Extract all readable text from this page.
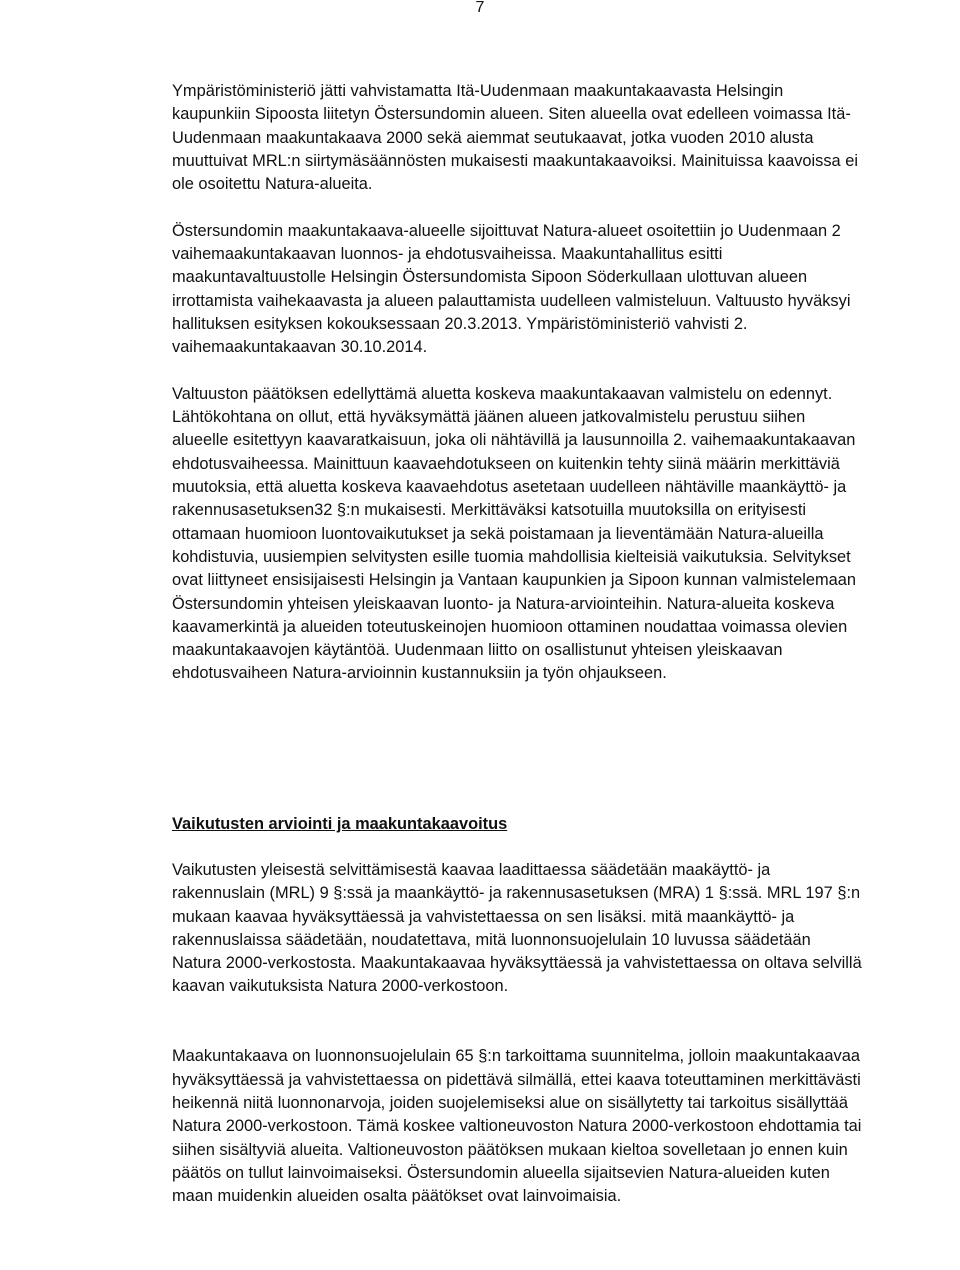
7

Ympäristöministeriö jätti vahvistamatta Itä-Uudenmaan maakuntakaavasta Helsingin kaupunkiin Sipoosta liitetyn Östersundomin alueen. Siten alueella ovat edelleen voimassa Itä-Uudenmaan maakuntakaava 2000 sekä aiemmat seutukaavat, jotka vuoden 2010 alusta muuttuivat MRL:n siirtymäsäännösten mukaisesti maakuntakaavoiksi. Mainituissa kaavoissa ei ole osoitettu Natura-alueita.

Östersundomin maakuntakaava-alueelle sijoittuvat Natura-alueet osoitettiin jo Uudenmaan 2 vaihemaakuntakaavan luonnos- ja ehdotusvaiheissa. Maakuntahallitus esitti maakuntavaltuustolle Helsingin Östersundomista Sipoon Söderkullaan ulottuvan alueen irrottamista vaihekaavasta ja alueen palauttamista uudelleen valmisteluun. Valtuusto hyväksyi hallituksen esityksen kokouksessaan 20.3.2013. Ympäristöministeriö vahvisti 2. vaihemaakuntakaavan 30.10.2014.

Valtuuston päätöksen edellyttämä aluetta koskeva maakuntakaavan valmistelu on edennyt. Lähtökohtana on ollut, että hyväksymättä jäänen alueen jatkovalmistelu perustuu siihen alueelle esitettyyn kaavaratkaisuun, joka oli nähtävillä ja lausunnoilla 2. vaihemaakuntakaavan ehdotusvaiheessa. Mainittuun kaavaehdotukseen on kuitenkin tehty siinä määrin merkittäviä muutoksia, että aluetta koskeva kaavaehdotus asetetaan uudelleen nähtäville maankäyttö- ja rakennusasetuksen32 §:n mukaisesti. Merkittäväksi katsotuilla muutoksilla on erityisesti ottamaan huomioon luontovaikutukset ja sekä poistamaan ja lieventämään Natura-alueilla kohdistuvia, uusiempien selvitysten esille tuomia mahdollisia kielteisiä vaikutuksia. Selvitykset ovat liittyneet ensisijaisesti Helsingin ja Vantaan kaupunkien ja Sipoon kunnan valmistelemaan Östersundomin yhteisen yleiskaavan luonto- ja Natura-arviointeihin. Natura-alueita koskeva kaavamerkintä ja alueiden toteutuskeinojen huomioon ottaminen noudattaa voimassa olevien maakuntakaavojen käytäntöä. Uudenmaan liitto on osallistunut yhteisen yleiskaavan ehdotusvaiheen Natura-arvioinnin kustannuksiin ja työn ohjaukseen.

Vaikutusten arviointi ja maakuntakaavoitus

Vaikutusten yleisestä selvittämisestä kaavaa laadittaessa säädetään maakäyttö- ja rakennuslain (MRL) 9 §:ssä ja maankäyttö- ja rakennusasetuksen (MRA) 1 §:ssä. MRL 197 §:n mukaan kaavaa hyväksyttäessä ja vahvistettaessa on sen lisäksi. mitä maankäyttö- ja rakennuslaissa säädetään, noudatettava, mitä luonnonsuojelulain 10 luvussa säädetään Natura 2000-verkostosta. Maakuntakaavaa hyväksyttäessä ja vahvistettaessa on oltava selvillä kaavan vaikutuksista Natura 2000-verkostoon.

Maakuntakaava on luonnonsuojelulain 65 §:n tarkoittama suunnitelma, jolloin maakuntakaavaa hyväksyttäessä ja vahvistettaessa on pidettävä silmällä, ettei kaava toteuttaminen merkittävästi heikennä niitä luonnonarvoja, joiden suojelemiseksi alue on sisällytetty tai tarkoitus sisällyttää Natura 2000-verkostoon. Tämä koskee valtioneuvoston Natura 2000-verkostoon ehdottamia tai siihen sisältyviä alueita. Valtioneuvoston päätöksen mukaan kieltoa sovelletaan jo ennen kuin päätös on tullut lainvoimaiseksi. Östersundomin alueella sijaitsevien Natura-alueiden kuten maan muidenkin alueiden osalta päätökset ovat lainvoimaisia.
